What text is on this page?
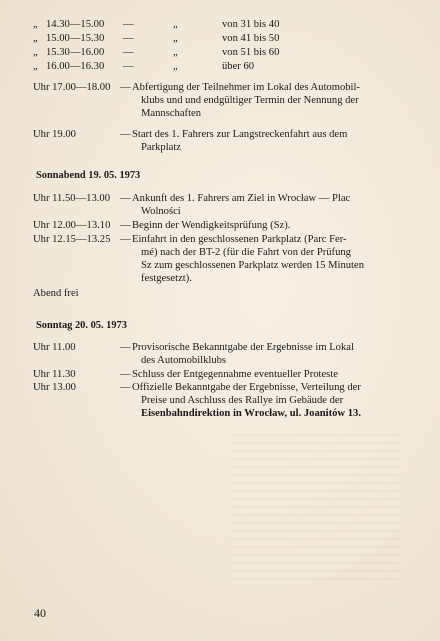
„ 14.30—15.00 —	„	von 31 bis 40
„ 15.00—15.30 —	„	von 41 bis 50
„ 15.30—16.00 —	„	von 51 bis 60
„ 16.00—16.30 —	„	über 60
Uhr 17.00—18.00 — Abfertigung der Teilnehmer im Lokal des Automobil-
klubs und und endgültiger Termin der Nennung der
Mannschaften
Uhr 19.00	— Start des 1. Fahrers zur Langstreckenfahrt aus dem
Parkplatz
Sonnabend 19. 05. 1973
Uhr 11.50—13.00 — Ankunft des 1. Fahrers am Ziel in Wrocław — Plac
Wolności
Uhr 12.00—13.10 — Beginn der Wendigkeitsprüfung (Sz).
Uhr 12.15—13.25 — Einfahrt in den geschlossenen Parkplatz (Parc Fer-
mé) nach der BT-2 (für die Fahrt von der Prüfung
Sz zum geschlossenen Parkplatz werden 15 Minuten
festgesetzt).
Abend frei
Sonntag 20. 05. 1973
Uhr 11.00	— Provisorische Bekanntgabe der Ergebnisse im Lokal
des Automobilklubs
Uhr 11.30	— Schluss der Entgegennahme eventueller Proteste
Uhr 13.00	— Offizielle Bekanntgabe der Ergebnisse, Verteilung der
Preise und Aschluss des Rallye im Gebäude der
Eisenbahndirektion in Wrocław, ul. Joanitów 13.
40
